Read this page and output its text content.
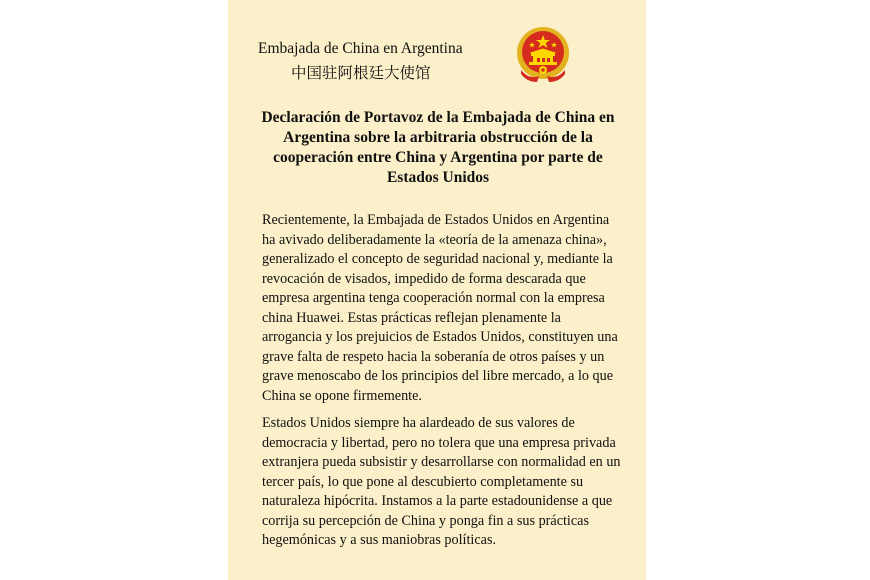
Embajada de China en Argentina
中国驻阿根廷大使馆
Declaración de Portavoz de la Embajada de China en Argentina sobre la arbitraria obstrucción de la cooperación entre China y Argentina por parte de Estados Unidos

Recientemente, la Embajada de Estados Unidos en Argentina ha avivado deliberadamente la «teoría de la amenaza china», generalizado el concepto de seguridad nacional y, mediante la revocación de visados, impedido de forma descarada que empresa argentina tenga cooperación normal con la empresa china Huawei. Estas prácticas reflejan plenamente la arrogancia y los prejuicios de Estados Unidos, constituyen una grave falta de respeto hacia la soberanía de otros países y un grave menoscabo de los principios del libre mercado, a lo que China se opone firmemente.

Estados Unidos siempre ha alardeado de sus valores de democracia y libertad, pero no tolera que una empresa privada extranjera pueda subsistir y desarrollarse con normalidad en un tercer país, lo que pone al descubierto completamente su naturaleza hipócrita. Instamos a la parte estadounidense a que corrija su percepción de China y ponga fin a sus prácticas hegemónicas y a sus maniobras políticas.
